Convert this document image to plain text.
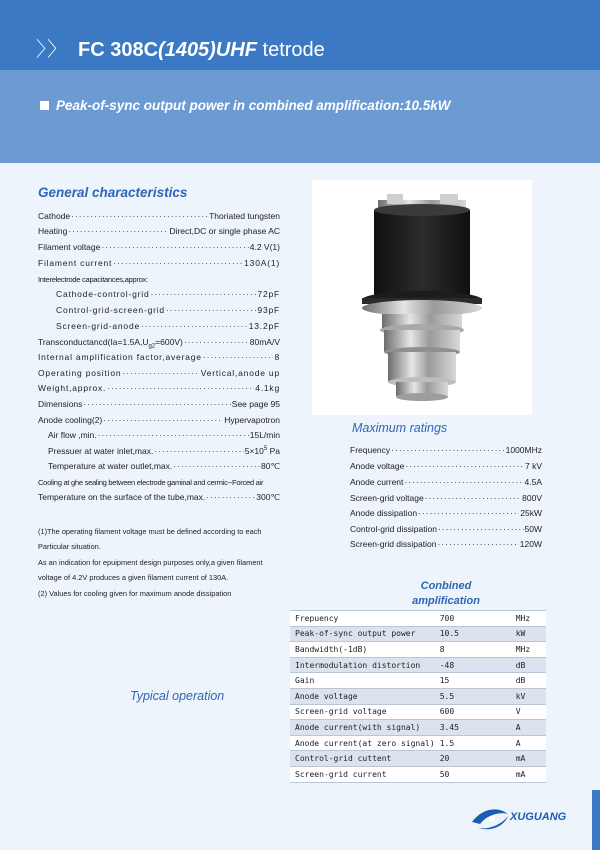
〉〉 FC 308C(1405)UHF tetrode
Peak-of-sync output power in combined amplification:10.5kW
General characteristics
Cathode ·····	Thoriated tungsten
Heating ·····	Direct,DC or single phase AC
Filament voltage ·····	4.2 V(1)
Filament current ·····	130A(1)
Interelectrode capacitances,approx:
Cathode-control-grid ·····	72pF
Control-grid-screen-grid ·····	93pF
Screen-grid-anode ·····	13.2pF
$Transconductancd(Ia=1.5A,U_{g2}=600V)$ ·····	80mA/V
Internal amplification factor,average ·····	8
Operating position ·····	Vertical,anode up
Weight,approx. ·····	4.1kg
Dimensions ·····	See page 95
Anode cooling(2) ·····	Hypervapotron
Air flow ,min. ·····	15L/min
Pressuer at water inlet,max. ·····	$5\times 10^5$ Pa
Temperature at water outlet,max. ·····	80℃
Cooling at ghe sealing between electrode gaminal and cermic--Forced air
Temperature on the surface of the tube,max. ·····	300℃
(1)The operating filament voltage must be defined according to each
Particular situation.
As an indication for epuipment design purposes only,a given filament
voltage of 4.2V produces a given filament current of 130A.
(2) Values for cooling given for maximum anode dissipation
Maximum ratings
Frequency ·····	1000MHz
Anode voltage ·····	7 kV
Anode current ·····	4.5A
Screen-grid voltage ·····	800V
Anode dissipation ·····	25kW
Control-grid dissipation ·····	50W
Screen-grid dissipation ·····	120W
Conbined
amplification
Typical operation
Frepuency	700	MHz
Peak-of-sync output power	10.5	kW
Bandwidth(-1dB)	8	MHz
Intermodulation distortion	-48	dB
Gain	15	dB
Anode voltage	5.5	kV
Screen-grid voltage	600	V
Anode current(with signal)	3.45	A
Anode current(at zero signal)	1.5	A
Control-grid cuttent	20	mA
Screen-grid current	50	mA
XUGUANG
